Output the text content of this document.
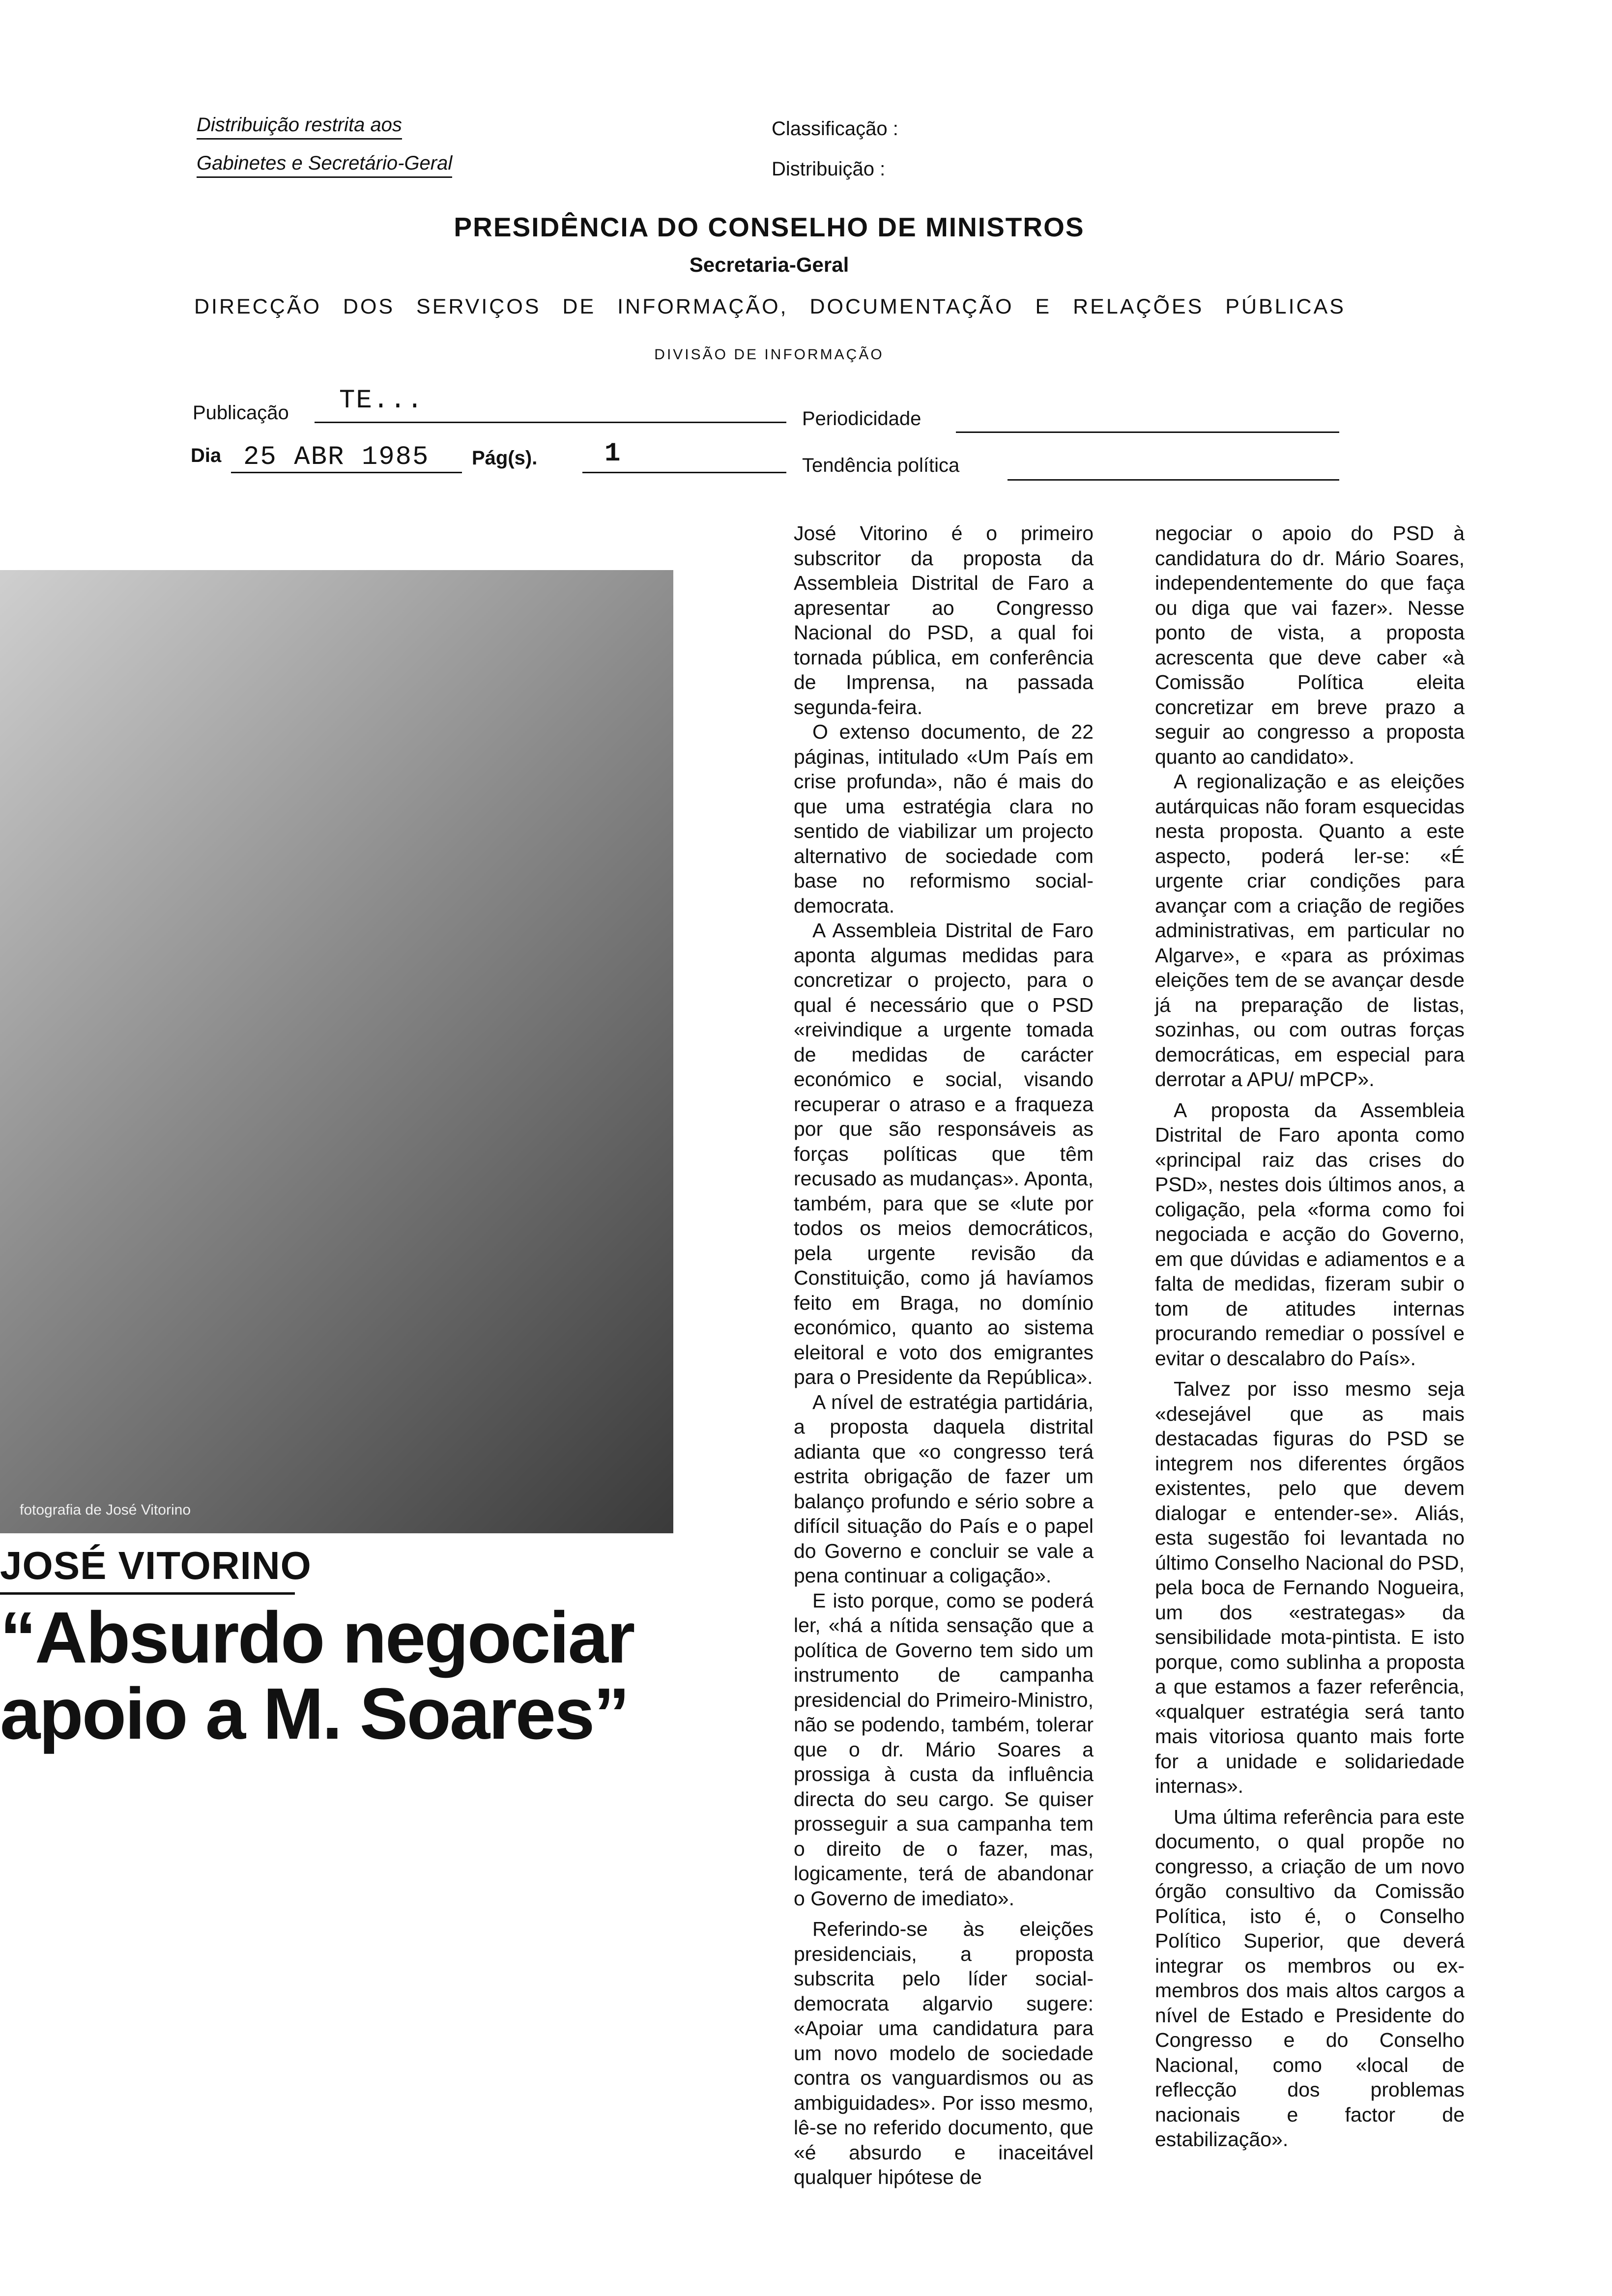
Distribuição restrita aos
Gabinetes e Secretário-Geral
Classificação :
Distribuição :
PRESIDÊNCIA DO CONSELHO DE MINISTROS
Secretaria-Geral
DIRECÇÃO DOS SERVIÇOS DE INFORMAÇÃO, DOCUMENTAÇÃO E RELAÇÕES PÚBLICAS
DIVISÃO DE INFORMAÇÃO
Publicação TE...
Periodicidade
Dia 25 ABR 1985 Pág(s).	1	Tendência política
fotografia de José Vitorino
JOSÉ VITORINO
“Absurdo negociar
apoio a M. Soares”

José Vitorino é o primeiro subscritor da proposta da Assembleia Distrital de Faro a apresentar ao Congresso Nacional do PSD, a qual foi tornada pública, em conferência de Imprensa, na passada segunda-feira.

O extenso documento, de 22 páginas, intitulado «Um País em crise profunda», não é mais do que uma estratégia clara no sentido de viabilizar um projecto alternativo de sociedade com base no reformismo social-democrata.

A Assembleia Distrital de Faro aponta algumas medidas para concretizar o projecto, para o qual é necessário que o PSD «reivindique a urgente tomada de medidas de carácter económico e social, visando recuperar o atraso e a fraqueza por que são responsáveis as forças políticas que têm recusado as mudanças». Aponta, também, para que se «lute por todos os meios democráticos, pela urgente revisão da Constituição, como já havíamos feito em Braga, no domínio económico, quanto ao sistema eleitoral e voto dos emigrantes para o Presidente da República».

A nível de estratégia partidária, a proposta daquela distrital adianta que «o congresso terá estrita obrigação de fazer um balanço profundo e sério sobre a difícil situação do País e o papel do Governo e concluir se vale a pena continuar a coligação».

E isto porque, como se poderá ler, «há a nítida sensação que a política de Governo tem sido um instrumento de campanha presidencial do Primeiro-Ministro, não se podendo, também, tolerar que o dr. Mário Soares a prossiga à custa da influência directa do seu cargo. Se quiser prosseguir a sua campanha tem o direito de o fazer, mas, logicamente, terá de abandonar o Governo de imediato».

Referindo-se às eleições presidenciais, a proposta subscrita pelo líder social-democrata algarvio sugere: «Apoiar uma candidatura para um novo modelo de sociedade contra os vanguardismos ou as ambiguidades». Por isso mesmo, lê-se no referido documento, que «é absurdo e inaceitável qualquer hipótese de

negociar o apoio do PSD à candidatura do dr. Mário Soares, independentemente do que faça ou diga que vai fazer». Nesse ponto de vista, a proposta acrescenta que deve caber «à Comissão Política eleita concretizar em breve prazo a seguir ao congresso a proposta quanto ao candidato».

A regionalização e as eleições autárquicas não foram esquecidas nesta proposta. Quanto a este aspecto, poderá ler-se: «É urgente criar condições para avançar com a criação de regiões administrativas, em particular no Algarve», e «para as próximas eleições tem de se avançar desde já na preparação de listas, sozinhas, ou com outras forças democráticas, em especial para derrotar a APU/ mPCP».

A proposta da Assembleia Distrital de Faro aponta como «principal raiz das crises do PSD», nestes dois últimos anos, a coligação, pela «forma como foi negociada e acção do Governo, em que dúvidas e adiamentos e a falta de medidas, fizeram subir o tom de atitudes internas procurando remediar o possível e evitar o descalabro do País».

Talvez por isso mesmo seja «desejável que as mais destacadas figuras do PSD se integrem nos diferentes órgãos existentes, pelo que devem dialogar e entender-se». Aliás, esta sugestão foi levantada no último Conselho Nacional do PSD, pela boca de Fernando Nogueira, um dos «estrategas» da sensibilidade mota-pintista. E isto porque, como sublinha a proposta a que estamos a fazer referência, «qualquer estratégia será tanto mais vitoriosa quanto mais forte for a unidade e solidariedade internas».

Uma última referência para este documento, o qual propõe no congresso, a criação de um novo órgão consultivo da Comissão Política, isto é, o Conselho Político Superior, que deverá integrar os membros ou ex-membros dos mais altos cargos a nível de Estado e Presidente do Congresso e do Conselho Nacional, como «local de reflecção dos problemas nacionais e factor de estabilização».
